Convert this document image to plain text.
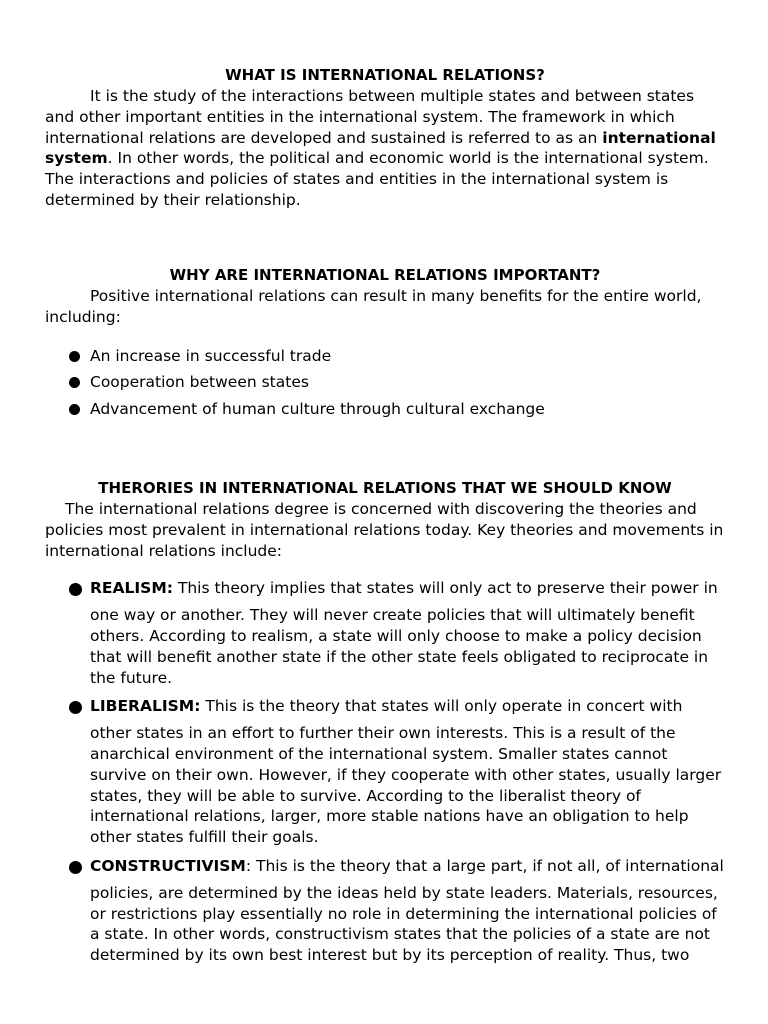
WHAT IS INTERNATIONAL RELATIONS?

It is the study of the interactions between multiple states and between states and other important entities in the international system. The framework in which international relations are developed and sustained is referred to as an international system. In other words, the political and economic world is the international system. The interactions and policies of states and entities in the international system is determined by their relationship.

WHY ARE INTERNATIONAL RELATIONS IMPORTANT?

Positive international relations can result in many benefits for the entire world, including:

An increase in successful trade
Cooperation between states
Advancement of human culture through cultural exchange
THERORIES IN INTERNATIONAL RELATIONS THAT WE SHOULD KNOW

The international relations degree is concerned with discovering the theories and policies most prevalent in international relations today. Key theories and movements in international relations include:

REALISM: This theory implies that states will only act to preserve their power in
one way or another. They will never create policies that will ultimately benefit others. According to realism, a state will only choose to make a policy decision that will benefit another state if the other state feels obligated to reciprocate in the future.
LIBERALISM: This is the theory that states will only operate in concert with
other states in an effort to further their own interests. This is a result of the anarchical environment of the international system. Smaller states cannot survive on their own. However, if they cooperate with other states, usually larger states, they will be able to survive. According to the liberalist theory of international relations, larger, more stable nations have an obligation to help other states fulfill their goals.
CONSTRUCTIVISM: This is the theory that a large part, if not all, of international
policies, are determined by the ideas held by state leaders. Materials, resources, or restrictions play essentially no role in determining the international policies of a state. In other words, constructivism states that the policies of a state are not determined by its own best interest but by its perception of reality. Thus, two
